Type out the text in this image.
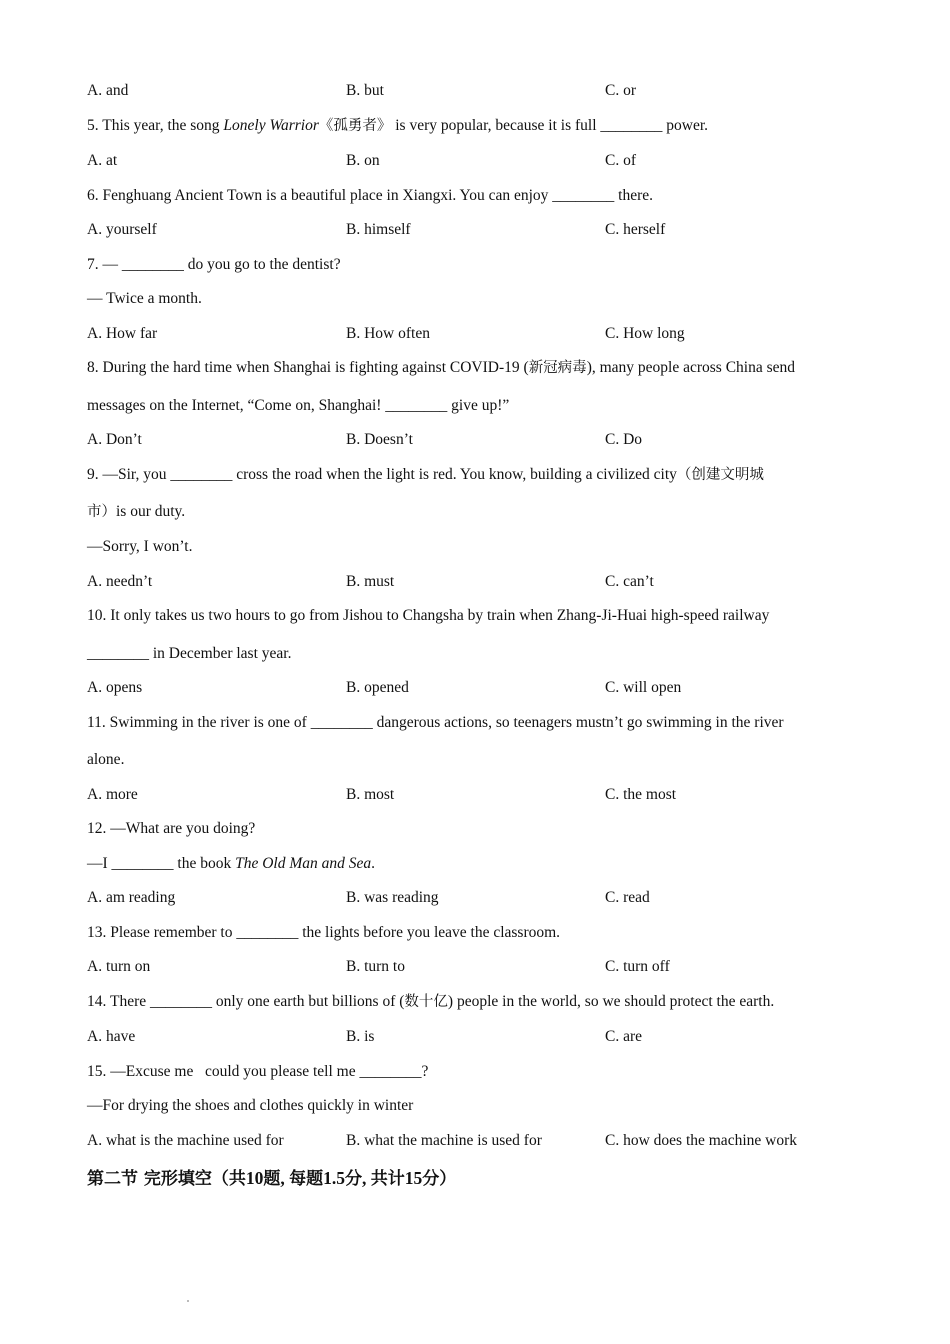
A. and	B. but	C. or
5. This year, the song Lonely Warrior《孤勇者》 is very popular, because it is full ________ power.
A. at	B. on	C. of
6. Fenghuang Ancient Town is a beautiful place in Xiangxi. You can enjoy ________ there.
A. yourself	B. himself	C. herself
7. — ________ do you go to the dentist?
— Twice a month.
A. How far	B. How often	C. How long
8. During the hard time when Shanghai is fighting against COVID-19 (新冠病毒), many people across China send
messages on the Internet, “Come on, Shanghai! ________ give up!”
A. Don’t	B. Doesn’t	C. Do
9. —Sir, you ________ cross the road when the light is red. You know, building a civilized city（创建文明城
市）is our duty.
—Sorry, I won’t.
A. needn’t	B. must	C. can’t
10. It only takes us two hours to go from Jishou to Changsha by train when Zhang-Ji-Huai high-speed railway
________ in December last year.
A. opens	B. opened	C. will open
11. Swimming in the river is one of ________ dangerous actions, so teenagers mustn’t go swimming in the river
alone.
A. more	B. most	C. the most
12. —What are you doing?
—I ________ the book The Old Man and Sea.
A. am reading	B. was reading	C. read
13. Please remember to ________ the lights before you leave the classroom.
A. turn on	B. turn to	C. turn off
14. There ________ only one earth but billions of (数十亿) people in the world, so we should protect the earth.
A. have	B. is	C. are
15. —Excuse me   could you please tell me ________?
—For drying the shoes and clothes quickly in winter
A. what is the machine used for	B. what the machine is used for	C. how does the machine work
第二节 完形填空（共10题, 每题1.5分, 共计15分）
